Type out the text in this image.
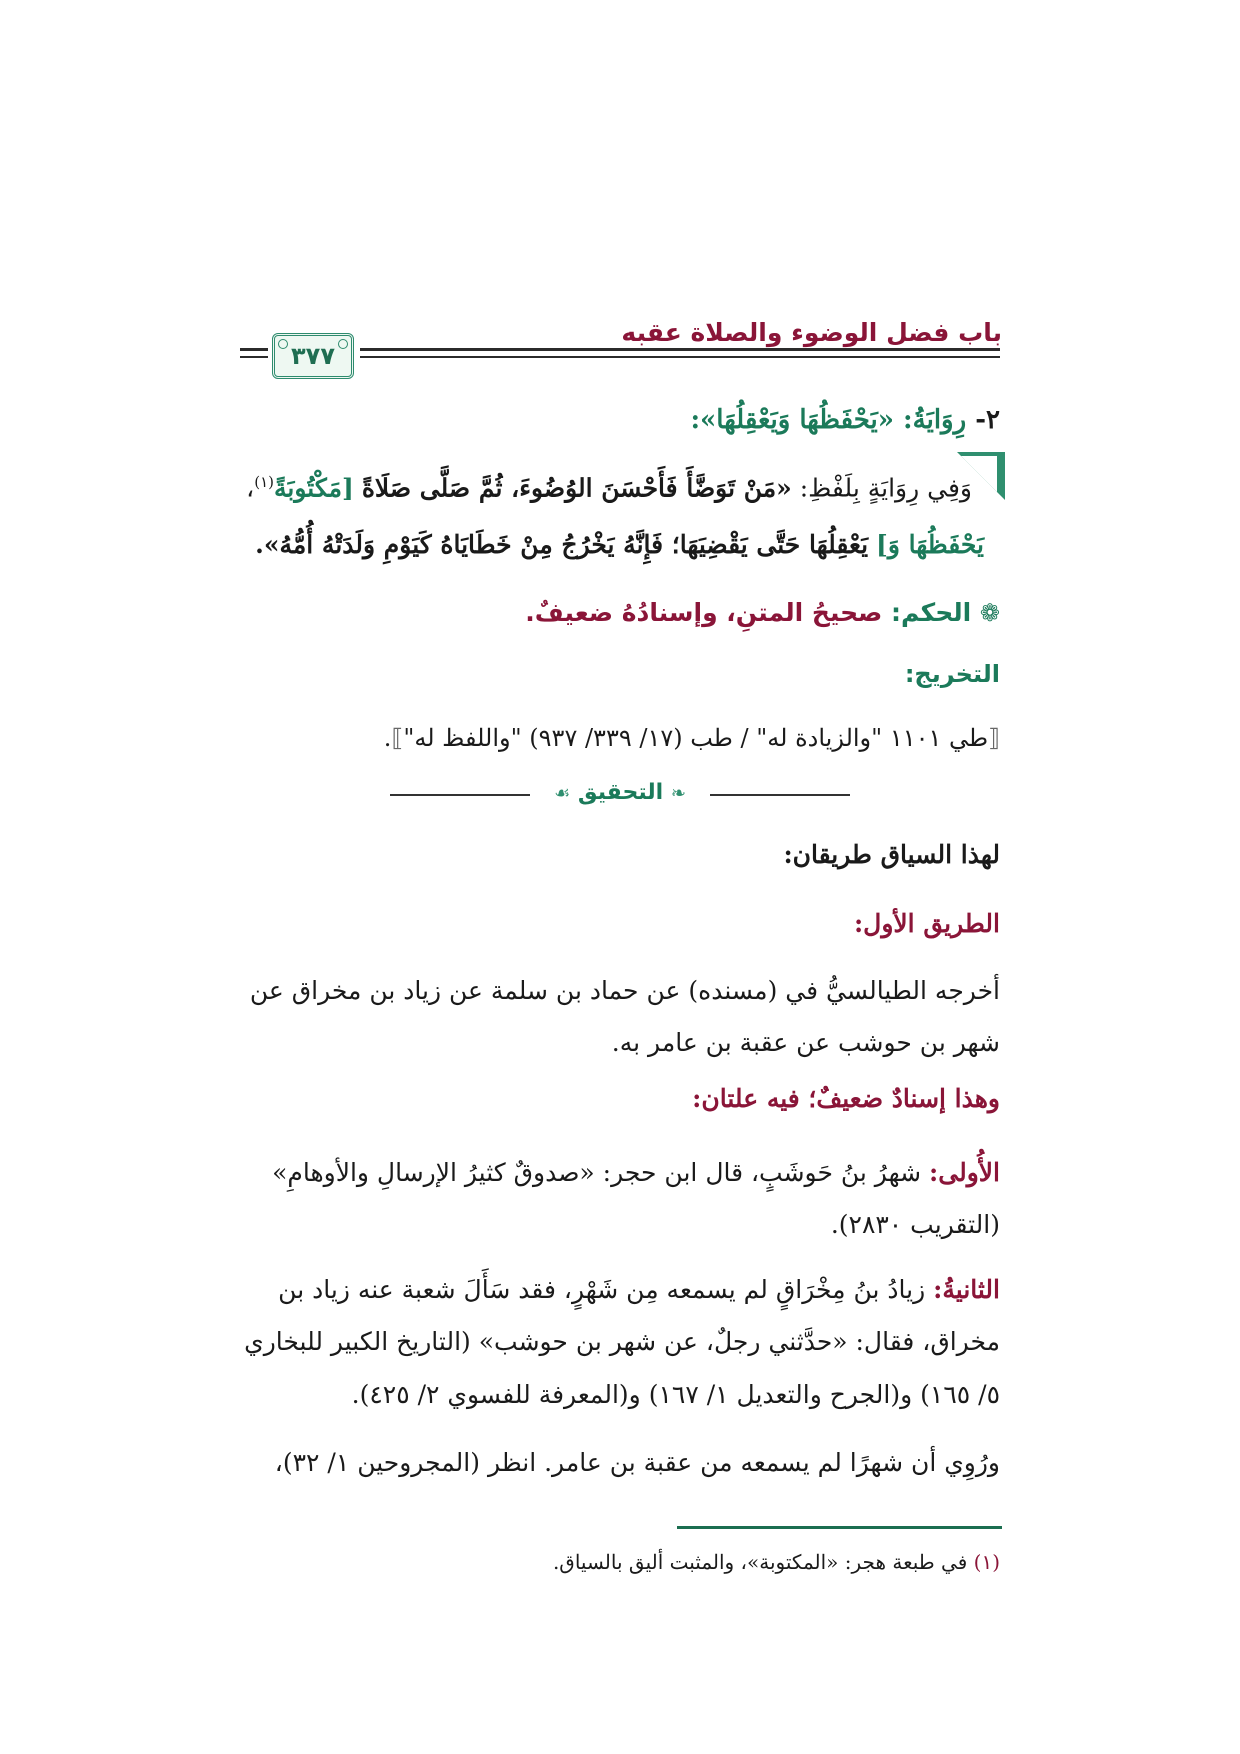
باب فضل الوضوء والصلاة عقبه
٣٧٧
٢- رِوَايَةُ: «يَحْفَظُهَا وَيَعْقِلُهَا»:
وَفِي رِوَايَةٍ بِلَفْظِ: «مَنْ تَوَضَّأَ فَأَحْسَنَ الوُضُوءَ، ثُمَّ صَلَّى صَلَاةً [مَكْتُوبَةً$^{(١)}$،
يَحْفَظُهَا وَ] يَعْقِلُهَا حَتَّى يَقْضِيَهَا؛ فَإِنَّهُ يَخْرُجُ مِنْ خَطَايَاهُ كَيَوْمِ وَلَدَتْهُ أُمُّهُ».
❁ الحكم: صحيحُ المتنِ، وإسنادُهُ ضعيفٌ.
التخريج:
⟦طي ١١٠١ "والزيادة له" / طب (١٧/ ٣٣٩/ ٩٣٧) "واللفظ له"⟧.
❧ التحقيق ☙
لهذا السياق طريقان:
الطريق الأول:
أخرجه الطيالسيُّ في (مسنده) عن حماد بن سلمة عن زياد بن مخراق عن
شهر بن حوشب عن عقبة بن عامر به.
وهذا إسنادٌ ضعيفٌ؛ فيه علتان:
الأُولى: شهرُ بنُ حَوشَبٍ، قال ابن حجر: «صدوقٌ كثيرُ الإرسالِ والأوهامِ»
(التقريب ٢٨٣٠).
الثانيةُ: زيادُ بنُ مِخْرَاقٍ لم يسمعه مِن شَهْرٍ، فقد سَأَلَ شعبة عنه زياد بن
مخراق، فقال: «حدَّثني رجلٌ، عن شهر بن حوشب» (التاريخ الكبير للبخاري
٥/ ١٦٥) و(الجرح والتعديل ١/ ١٦٧) و(المعرفة للفسوي ٢/ ٤٢٥).
ورُوِي أن شهرًا لم يسمعه من عقبة بن عامر. انظر (المجروحين ١/ ٣٢)،
(١) في طبعة هجر: «المكتوبة»، والمثبت أليق بالسياق.
